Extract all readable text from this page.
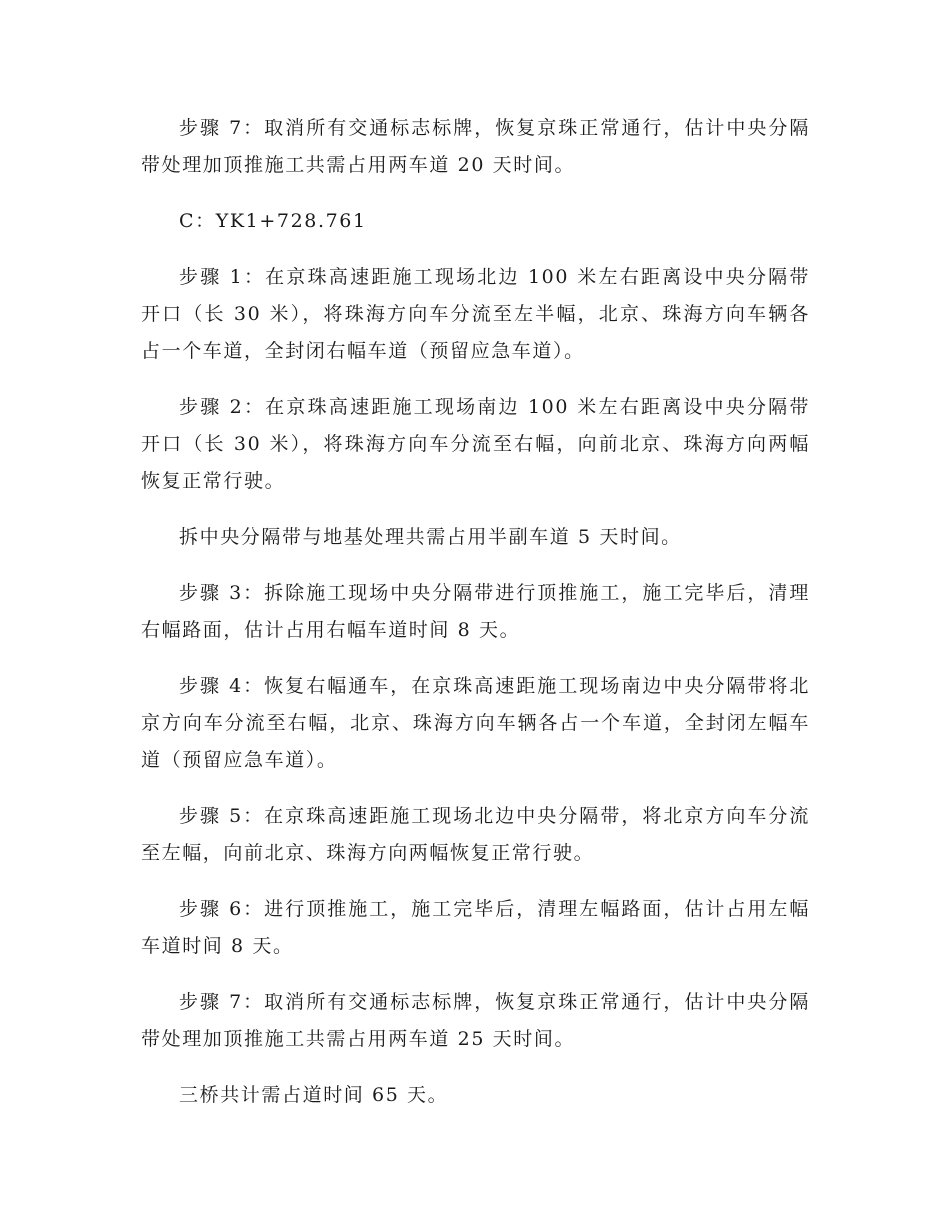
步骤 7：取消所有交通标志标牌，恢复京珠正常通行，估计中央分隔带处理加顶推施工共需占用两车道 20 天时间。

C：YK1+728.761

步骤 1：在京珠高速距施工现场北边 100 米左右距离设中央分隔带开口（长 30 米），将珠海方向车分流至左半幅，北京、珠海方向车辆各占一个车道，全封闭右幅车道（预留应急车道）。

步骤 2：在京珠高速距施工现场南边 100 米左右距离设中央分隔带开口（长 30 米），将珠海方向车分流至右幅，向前北京、珠海方向两幅恢复正常行驶。

拆中央分隔带与地基处理共需占用半副车道 5 天时间。

步骤 3：拆除施工现场中央分隔带进行顶推施工，施工完毕后，清理右幅路面，估计占用右幅车道时间 8 天。

步骤 4：恢复右幅通车，在京珠高速距施工现场南边中央分隔带将北京方向车分流至右幅，北京、珠海方向车辆各占一个车道，全封闭左幅车道（预留应急车道）。

步骤 5：在京珠高速距施工现场北边中央分隔带，将北京方向车分流至左幅，向前北京、珠海方向两幅恢复正常行驶。

步骤 6：进行顶推施工，施工完毕后，清理左幅路面，估计占用左幅车道时间 8 天。

步骤 7：取消所有交通标志标牌，恢复京珠正常通行，估计中央分隔带处理加顶推施工共需占用两车道 25 天时间。

三桥共计需占道时间 65 天。
